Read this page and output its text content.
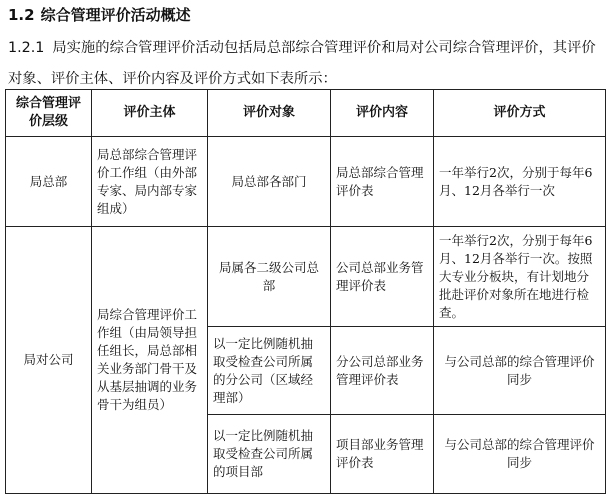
1.2 综合管理评价活动概述
1.2.1 局实施的综合管理评价活动包括局总部综合管理评价和局对公司综合管理评价，其评价对象、评价主体、评价内容及评价方式如下表所示：
综合管理评价层级	评价主体	评价对象	评价内容	评价方式
局总部	局总部综合管理评价工作组（由外部专家、局内部专家组成）	局总部各部门	局总部综合管理评价表	一年举行2次，分别于每年6月、12月各举行一次
局对公司	局综合管理评价工作组（由局领导担任组长，局总部相关业务部门骨干及从基层抽调的业务骨干为组员）	局属各二级公司总部	公司总部业务管理评价表	一年举行2次，分别于每年6月、12月各举行一次。按照大专业分板块，有计划地分批赴评价对象所在地进行检查。
		以一定比例随机抽取受检查公司所属的分公司（区域经理部）	分公司总部业务管理评价表	与公司总部的综合管理评价同步
		以一定比例随机抽取受检查公司所属的项目部	项目部业务管理评价表	与公司总部的综合管理评价同步
